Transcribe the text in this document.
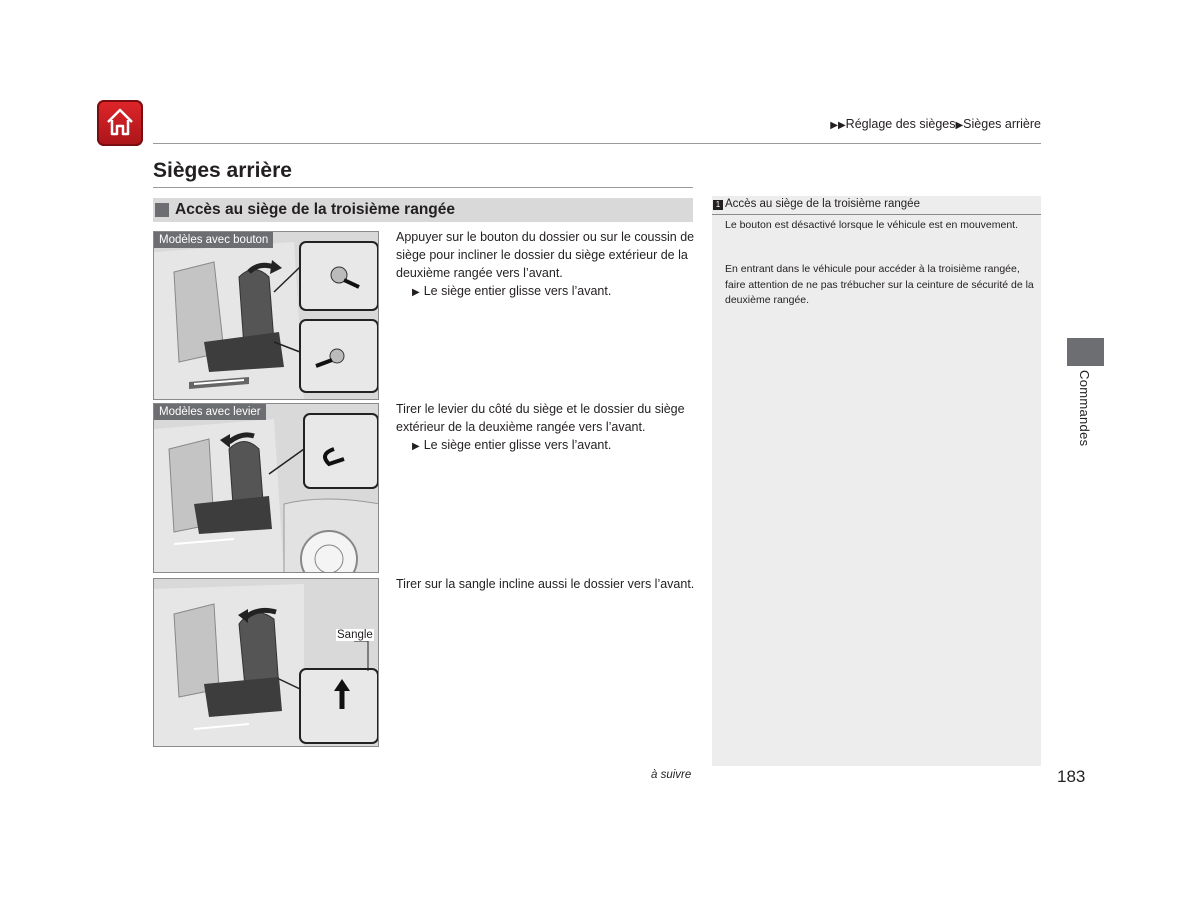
▶▶Réglage des sièges▶Sièges arrière
Sièges arrière
Accès au siège de la troisième rangée
Modèles avec bouton
Modèles avec levier
Sangle
Appuyer sur le bouton du dossier ou sur le coussin de siège pour incliner le dossier du siège extérieur de la deuxième rangée vers l’avant.
▶ Le siège entier glisse vers l’avant.
Tirer le levier du côté du siège et le dossier du siège extérieur de la deuxième rangée vers l’avant.
▶ Le siège entier glisse vers l’avant.
Tirer sur la sangle incline aussi le dossier vers l’avant.
1 Accès au siège de la troisième rangée
Le bouton est désactivé lorsque le véhicule est en mouvement.
En entrant dans le véhicule pour accéder à la troisième rangée, faire attention de ne pas trébucher sur la ceinture de sécurité de la deuxième rangée.
Commandes
à suivre	183
